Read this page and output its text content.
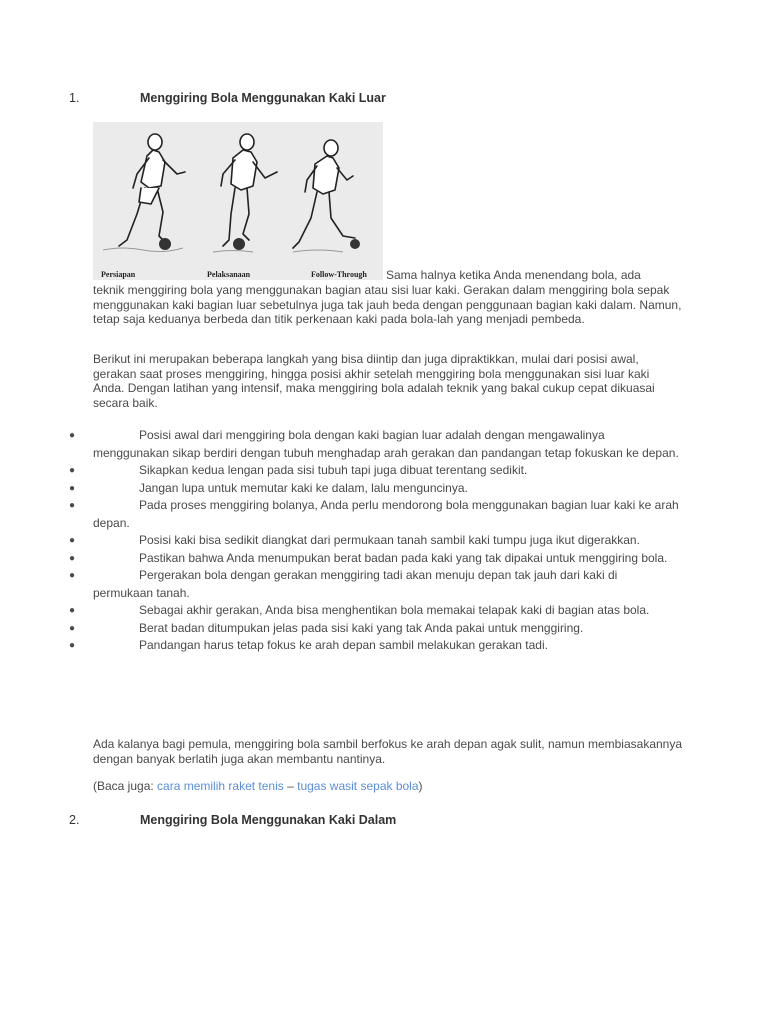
1.	Menggiring Bola Menggunakan Kaki Luar
Persiapan	Pelaksanaan	Follow-Through Sama halnya ketika Anda menendang bola, ada

teknik menggiring bola yang menggunakan bagian atau sisi luar kaki. Gerakan dalam menggiring bola sepak menggunakan kaki bagian luar sebetulnya juga tak jauh beda dengan penggunaan bagian kaki dalam. Namun, tetap saja keduanya berbeda dan titik perkenaan kaki pada bola-lah yang menjadi pembeda.

Berikut ini merupakan beberapa langkah yang bisa diintip dan juga dipraktikkan, mulai dari posisi awal, gerakan saat proses menggiring, hingga posisi akhir setelah menggiring bola menggunakan sisi luar kaki Anda. Dengan latihan yang intensif, maka menggiring bola adalah teknik yang bakal cukup cepat dikuasai secara baik.

●	Posisi awal dari menggiring bola dengan kaki bagian luar adalah dengan mengawalinya menggunakan sikap berdiri dengan tubuh menghadap arah gerakan dan pandangan tetap fokuskan ke depan.
●	Sikapkan kedua lengan pada sisi tubuh tapi juga dibuat terentang sedikit.
●	Jangan lupa untuk memutar kaki ke dalam, lalu menguncinya.
●	Pada proses menggiring bolanya, Anda perlu mendorong bola menggunakan bagian luar kaki ke arah depan.
●	Posisi kaki bisa sedikit diangkat dari permukaan tanah sambil kaki tumpu juga ikut digerakkan.
●	Pastikan bahwa Anda menumpukan berat badan pada kaki yang tak dipakai untuk menggiring bola.
●	Pergerakan bola dengan gerakan menggiring tadi akan menuju depan tak jauh dari kaki di permukaan tanah.
●	Sebagai akhir gerakan, Anda bisa menghentikan bola memakai telapak kaki di bagian atas bola.
●	Berat badan ditumpukan jelas pada sisi kaki yang tak Anda pakai untuk menggiring.
●	Pandangan harus tetap fokus ke arah depan sambil melakukan gerakan tadi.

Ada kalanya bagi pemula, menggiring bola sambil berfokus ke arah depan agak sulit, namun membiasakannya dengan banyak berlatih juga akan membantu nantinya.

(Baca juga: cara memilih raket tenis – tugas wasit sepak bola)

2.	Menggiring Bola Menggunakan Kaki Dalam
